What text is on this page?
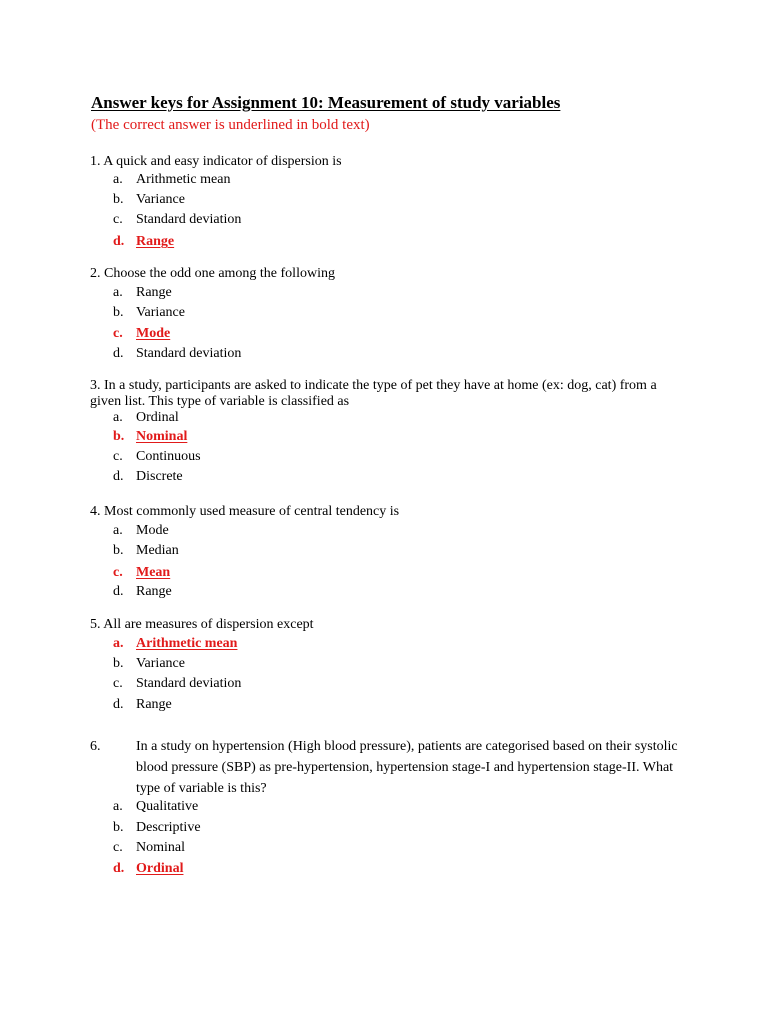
Answer keys for Assignment 10: Measurement of study variables
(The correct answer is underlined in bold text)
1. A quick and easy indicator of dispersion is
a. Arithmetic mean
b. Variance
c. Standard deviation
d. Range
2. Choose the odd one among the following
a. Range
b. Variance
c. Mode
d. Standard deviation
3. In a study, participants are asked to indicate the type of pet they have at home (ex: dog, cat) from a given list. This type of variable is classified as
a. Ordinal
b. Nominal
c. Continuous
d. Discrete
4. Most commonly used measure of central tendency is
a. Mode
b. Median
c. Mean
d. Range
5. All are measures of dispersion except
a. Arithmetic mean
b. Variance
c. Standard deviation
d. Range
6.	In a study on hypertension (High blood pressure), patients are categorised based on their systolic blood pressure (SBP) as pre-hypertension, hypertension stage-I and hypertension stage-II. What type of variable is this?
a. Qualitative
b. Descriptive
c. Nominal
d. Ordinal
